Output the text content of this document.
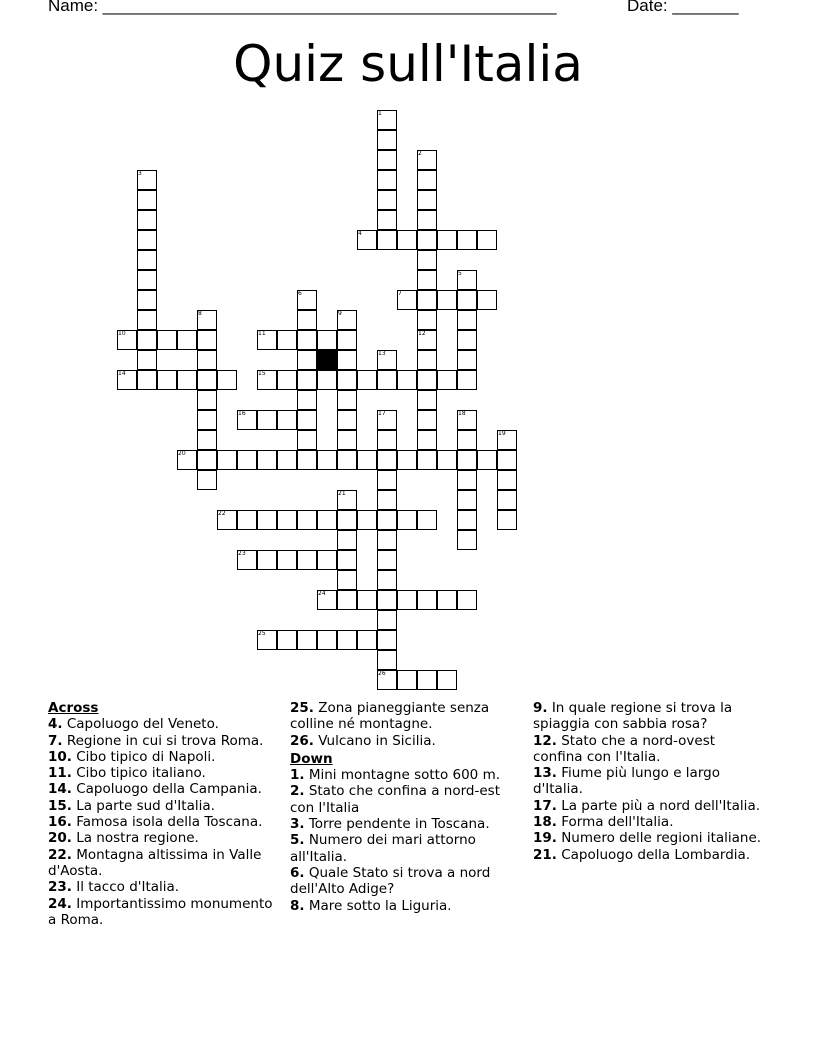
Name: ________________________________________________	Date: _______
Quiz sull'Italia
1
2
12
3
4
5
6	7
8	9
10	11
13
14	15
16	17
26
18
19
20
21
22
23
24
25
Across
4. Capoluogo del Veneto.
7. Regione in cui si trova Roma.
10. Cibo tipico di Napoli.
11. Cibo tipico italiano.
14. Capoluogo della Campania.
15. La parte sud d'Italia.
16. Famosa isola della Toscana.
20. La nostra regione.
22. Montagna altissima in Valle d'Aosta.
23. Il tacco d'Italia.
24. Importantissimo monumento a Roma.
25. Zona pianeggiante senza colline né montagne.
26. Vulcano in Sicilia.
Down
1. Mini montagne sotto 600 m.
2. Stato che confina a nord-est con l'Italia
3. Torre pendente in Toscana.
5. Numero dei mari attorno all'Italia.
6. Quale Stato si trova a nord dell'Alto Adige?
8. Mare sotto la Liguria.
9. In quale regione si trova la spiaggia con sabbia rosa?
12. Stato che a nord-ovest confina con l'Italia.
13. Fiume più lungo e largo d'Italia.
17. La parte più a nord dell'Italia.
18. Forma dell'Italia.
19. Numero delle regioni italiane.
21. Capoluogo della Lombardia.
